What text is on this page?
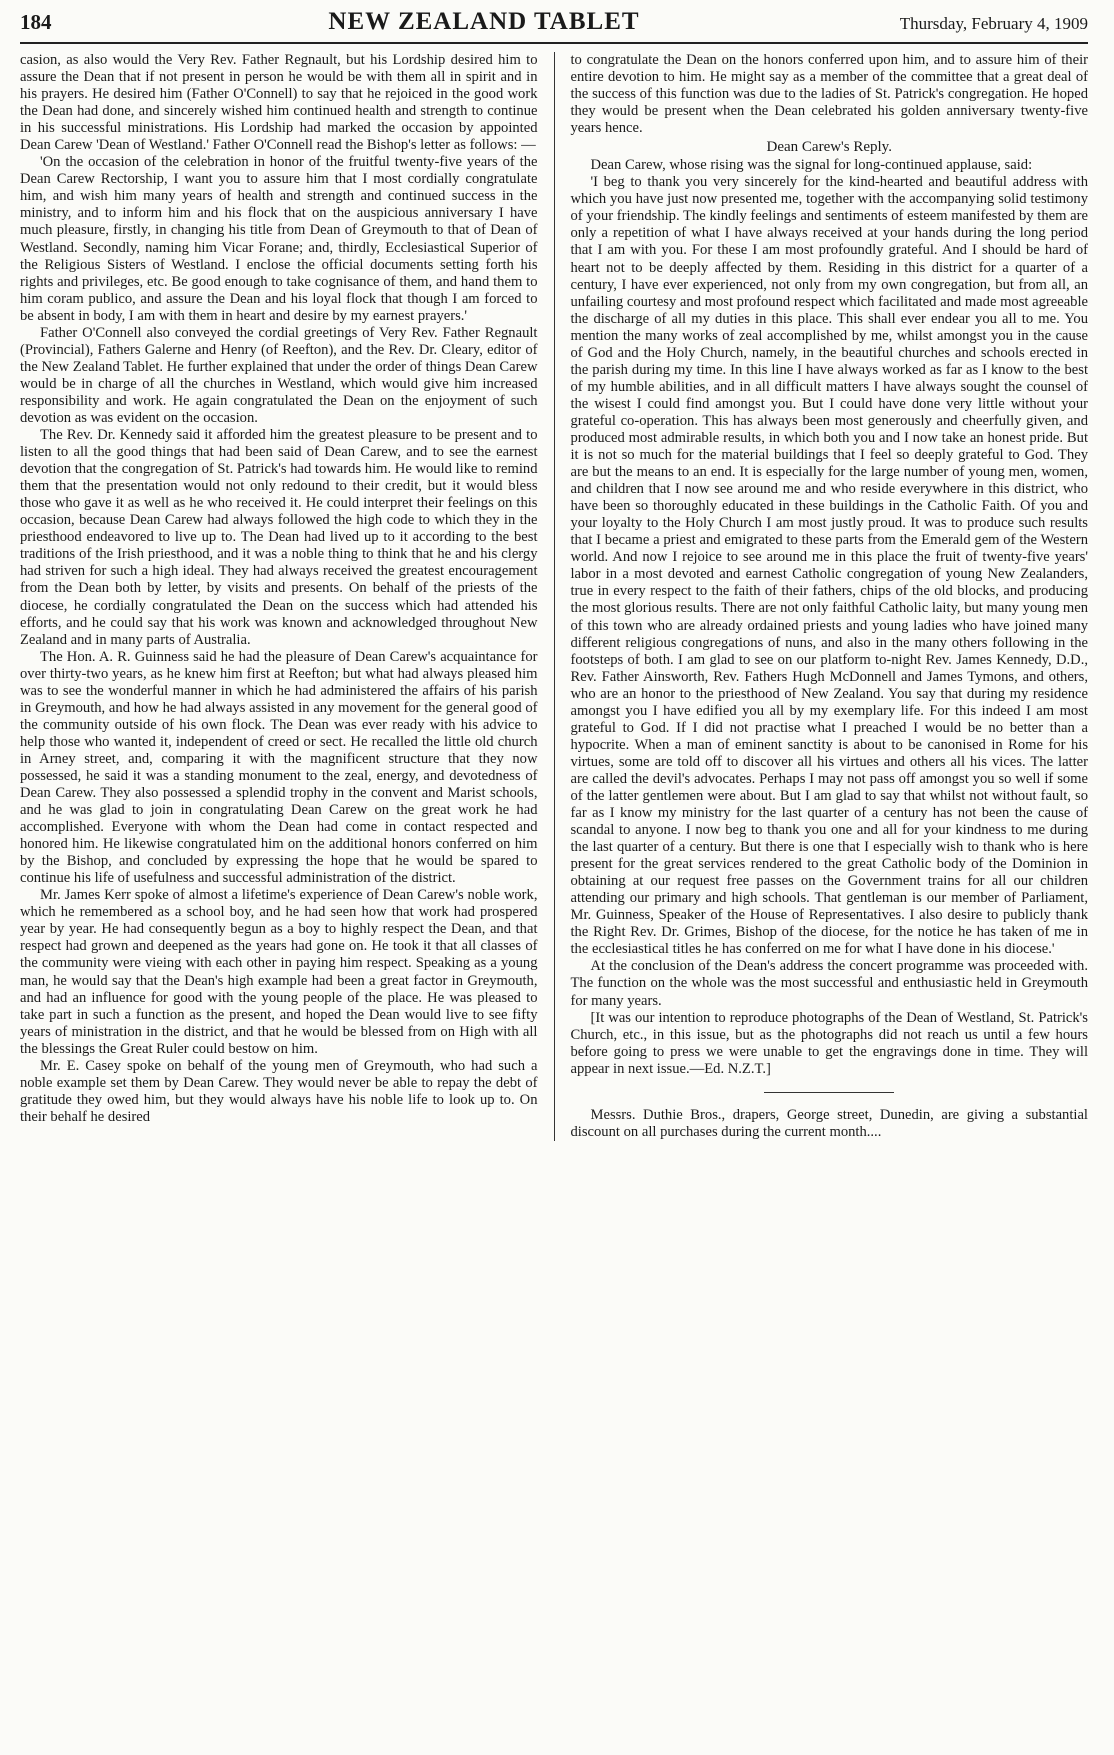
184	NEW ZEALAND TABLET	Thursday, February 4, 1909

casion, as also would the Very Rev. Father Regnault, but his Lordship desired him to assure the Dean that if not present in person he would be with them all in spirit and in his prayers. He desired him (Father O'Connell) to say that he rejoiced in the good work the Dean had done, and sincerely wished him continued health and strength to continue in his successful ministrations. His Lordship had marked the occasion by appointed Dean Carew 'Dean of Westland.' Father O'Connell read the Bishop's letter as follows: —

'On the occasion of the celebration in honor of the fruitful twenty-five years of the Dean Carew Rectorship, I want you to assure him that I most cordially congratulate him, and wish him many years of health and strength and continued success in the ministry, and to inform him and his flock that on the auspicious anniversary I have much pleasure, firstly, in changing his title from Dean of Greymouth to that of Dean of Westland. Secondly, naming him Vicar Forane; and, thirdly, Ecclesiastical Superior of the Religious Sisters of Westland. I enclose the official documents setting forth his rights and privileges, etc. Be good enough to take cognisance of them, and hand them to him coram publico, and assure the Dean and his loyal flock that though I am forced to be absent in body, I am with them in heart and desire by my earnest prayers.'

Father O'Connell also conveyed the cordial greetings of Very Rev. Father Regnault (Provincial), Fathers Galerne and Henry (of Reefton), and the Rev. Dr. Cleary, editor of the New Zealand Tablet. He further explained that under the order of things Dean Carew would be in charge of all the churches in Westland, which would give him increased responsibility and work. He again congratulated the Dean on the enjoyment of such devotion as was evident on the occasion.

The Rev. Dr. Kennedy said it afforded him the greatest pleasure to be present and to listen to all the good things that had been said of Dean Carew, and to see the earnest devotion that the congregation of St. Patrick's had towards him. He would like to remind them that the presentation would not only redound to their credit, but it would bless those who gave it as well as he who received it. He could interpret their feelings on this occasion, because Dean Carew had always followed the high code to which they in the priesthood endeavored to live up to. The Dean had lived up to it according to the best traditions of the Irish priesthood, and it was a noble thing to think that he and his clergy had striven for such a high ideal. They had always received the greatest encouragement from the Dean both by letter, by visits and presents. On behalf of the priests of the diocese, he cordially congratulated the Dean on the success which had attended his efforts, and he could say that his work was known and acknowledged throughout New Zealand and in many parts of Australia.

The Hon. A. R. Guinness said he had the pleasure of Dean Carew's acquaintance for over thirty-two years, as he knew him first at Reefton; but what had always pleased him was to see the wonderful manner in which he had administered the affairs of his parish in Greymouth, and how he had always assisted in any movement for the general good of the community outside of his own flock. The Dean was ever ready with his advice to help those who wanted it, independent of creed or sect. He recalled the little old church in Arney street, and, comparing it with the magnificent structure that they now possessed, he said it was a standing monument to the zeal, energy, and devotedness of Dean Carew. They also possessed a splendid trophy in the convent and Marist schools, and he was glad to join in congratulating Dean Carew on the great work he had accomplished. Everyone with whom the Dean had come in contact respected and honored him. He likewise congratulated him on the additional honors conferred on him by the Bishop, and concluded by expressing the hope that he would be spared to continue his life of usefulness and successful administration of the district.

Mr. James Kerr spoke of almost a lifetime's experience of Dean Carew's noble work, which he remembered as a school boy, and he had seen how that work had prospered year by year. He had consequently begun as a boy to highly respect the Dean, and that respect had grown and deepened as the years had gone on. He took it that all classes of the community were vieing with each other in paying him respect. Speaking as a young man, he would say that the Dean's high example had been a great factor in Greymouth, and had an influence for good with the young people of the place. He was pleased to take part in such a function as the present, and hoped the Dean would live to see fifty years of ministration in the district, and that he would be blessed from on High with all the blessings the Great Ruler could bestow on him.

Mr. E. Casey spoke on behalf of the young men of Greymouth, who had such a noble example set them by Dean Carew. They would never be able to repay the debt of gratitude they owed him, but they would always have his noble life to look up to. On their behalf he desired

to congratulate the Dean on the honors conferred upon him, and to assure him of their entire devotion to him. He might say as a member of the committee that a great deal of the success of this function was due to the ladies of St. Patrick's congregation. He hoped they would be present when the Dean celebrated his golden anniversary twenty-five years hence.

Dean Carew's Reply.

Dean Carew, whose rising was the signal for long-continued applause, said:

'I beg to thank you very sincerely for the kind-hearted and beautiful address with which you have just now presented me, together with the accompanying solid testimony of your friendship. The kindly feelings and sentiments of esteem manifested by them are only a repetition of what I have always received at your hands during the long period that I am with you. For these I am most profoundly grateful. And I should be hard of heart not to be deeply affected by them. Residing in this district for a quarter of a century, I have ever experienced, not only from my own congregation, but from all, an unfailing courtesy and most profound respect which facilitated and made most agreeable the discharge of all my duties in this place. This shall ever endear you all to me. You mention the many works of zeal accomplished by me, whilst amongst you in the cause of God and the Holy Church, namely, in the beautiful churches and schools erected in the parish during my time. In this line I have always worked as far as I know to the best of my humble abilities, and in all difficult matters I have always sought the counsel of the wisest I could find amongst you. But I could have done very little without your grateful co-operation. This has always been most generously and cheerfully given, and produced most admirable results, in which both you and I now take an honest pride. But it is not so much for the material buildings that I feel so deeply grateful to God. They are but the means to an end. It is especially for the large number of young men, women, and children that I now see around me and who reside everywhere in this district, who have been so thoroughly educated in these buildings in the Catholic Faith. Of you and your loyalty to the Holy Church I am most justly proud. It was to produce such results that I became a priest and emigrated to these parts from the Emerald gem of the Western world. And now I rejoice to see around me in this place the fruit of twenty-five years' labor in a most devoted and earnest Catholic congregation of young New Zealanders, true in every respect to the faith of their fathers, chips of the old blocks, and producing the most glorious results. There are not only faithful Catholic laity, but many young men of this town who are already ordained priests and young ladies who have joined many different religious congregations of nuns, and also in the many others following in the footsteps of both. I am glad to see on our platform to-night Rev. James Kennedy, D.D., Rev. Father Ainsworth, Rev. Fathers Hugh McDonnell and James Tymons, and others, who are an honor to the priesthood of New Zealand. You say that during my residence amongst you I have edified you all by my exemplary life. For this indeed I am most grateful to God. If I did not practise what I preached I would be no better than a hypocrite. When a man of eminent sanctity is about to be canonised in Rome for his virtues, some are told off to discover all his virtues and others all his vices. The latter are called the devil's advocates. Perhaps I may not pass off amongst you so well if some of the latter gentlemen were about. But I am glad to say that whilst not without fault, so far as I know my ministry for the last quarter of a century has not been the cause of scandal to anyone. I now beg to thank you one and all for your kindness to me during the last quarter of a century. But there is one that I especially wish to thank who is here present for the great services rendered to the great Catholic body of the Dominion in obtaining at our request free passes on the Government trains for all our children attending our primary and high schools. That gentleman is our member of Parliament, Mr. Guinness, Speaker of the House of Representatives. I also desire to publicly thank the Right Rev. Dr. Grimes, Bishop of the diocese, for the notice he has taken of me in the ecclesiastical titles he has conferred on me for what I have done in his diocese.'

At the conclusion of the Dean's address the concert programme was proceeded with. The function on the whole was the most successful and enthusiastic held in Greymouth for many years.

[It was our intention to reproduce photographs of the Dean of Westland, St. Patrick's Church, etc., in this issue, but as the photographs did not reach us until a few hours before going to press we were unable to get the engravings done in time. They will appear in next issue.—Ed. N.Z.T.]

Messrs. Duthie Bros., drapers, George street, Dunedin, are giving a substantial discount on all purchases during the current month....
